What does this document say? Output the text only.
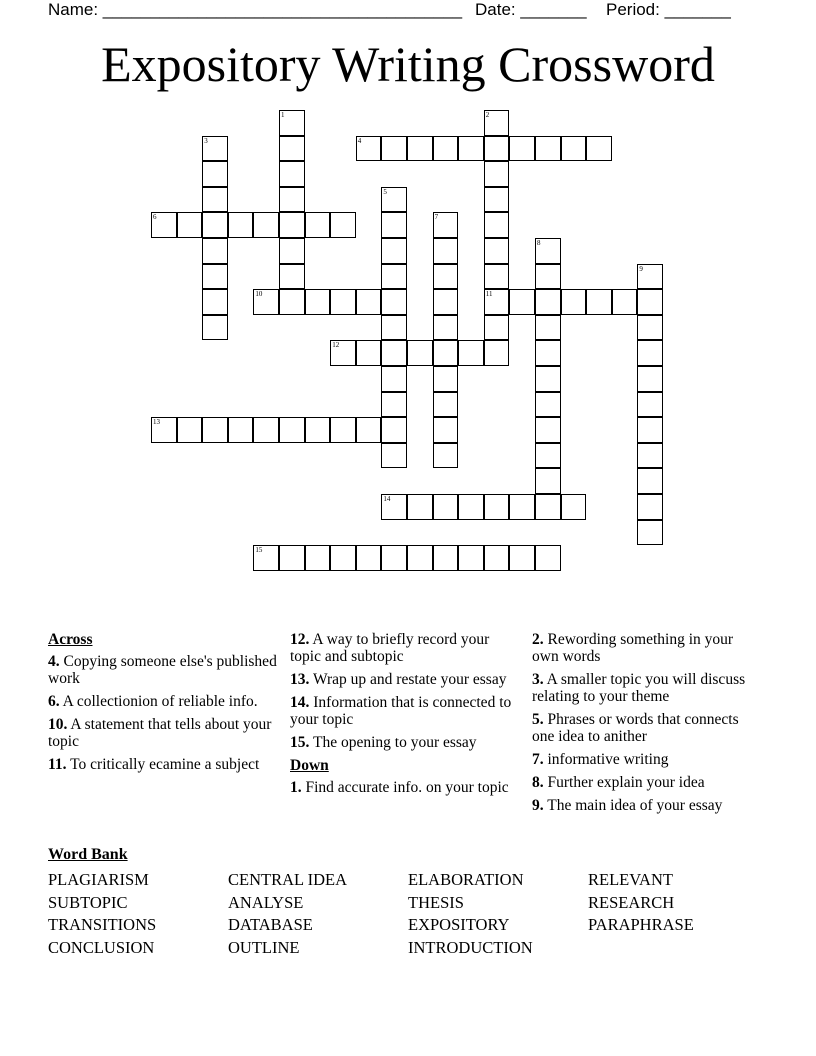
Name: ______________________________________ Date: _______ Period: _______
Expository Writing Crossword
1	2
11
3	4
5
6	7
8
9
10
12
13
14
15
Across
4. Copying someone else's published work
6. A collectionion of reliable info.
10. A statement that tells about your topic
11. To critically ecamine a subject
12. A way to briefly record your topic and subtopic
13. Wrap up and restate your essay
14. Information that is connected to your topic
15. The opening to your essay
Down
1. Find accurate info. on your topic
2. Rewording something in your own words
3. A smaller topic you will discuss relating to your theme
5. Phrases or words that connects one idea to anither
7. informative writing
8. Further explain your idea
9. The main idea of your essay
Word Bank
PLAGIARISM	CENTRAL IDEA	ELABORATION	RELEVANT
SUBTOPIC	ANALYSE	THESIS	RESEARCH
TRANSITIONS	DATABASE	EXPOSITORY	PARAPHRASE
CONCLUSION	OUTLINE	INTRODUCTION
